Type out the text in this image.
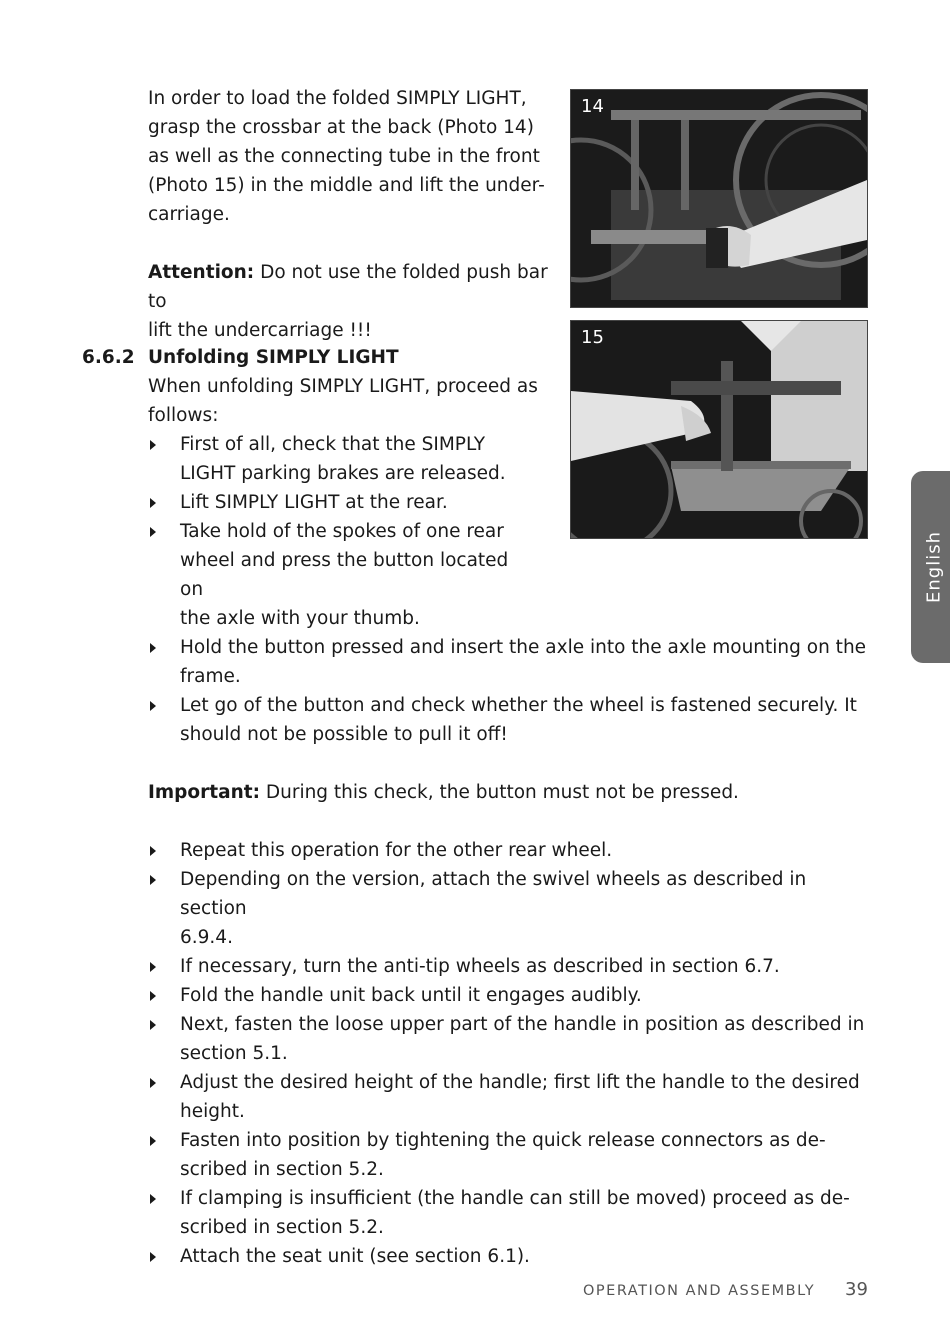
In order to load the folded SIMPLY LIGHT,

grasp the crossbar at the back (Photo 14)

as well as the connecting tube in the front

(Photo 15) in the middle and lift the under-

carriage.

Attention: Do not use the folded push bar to

lift the undercarriage !!!

6.6.2 Unfolding SIMPLY LIGHT

When unfolding SIMPLY LIGHT, proceed as

follows:

First of all, check that the SIMPLY
LIGHT parking brakes are released.
Lift SIMPLY LIGHT at the rear.
Take hold of the spokes of one rear
wheel and press the button located on
the axle with your thumb.
Hold the button pressed and insert the axle into the axle mounting on the
frame.
Let go of the button and check whether the wheel is fastened securely. It
should not be possible to pull it off!

Important: During this check, the button must not be pressed.

Repeat this operation for the other rear wheel.
Depending on the version, attach the swivel wheels as described in section
6.9.4.
If necessary, turn the anti-tip wheels as described in section 6.7.
Fold the handle unit back until it engages audibly.
Next, fasten the loose upper part of the handle in position as described in
section 5.1.
Adjust the desired height of the handle; first lift the handle to the desired
height.
Fasten into position by tightening the quick release connectors as de-
scribed in section 5.2.
If clamping is insufficient (the handle can still be moved) proceed as de-
scribed in section 5.2.
Attach the seat unit (see section 6.1).
14
15
English
OPERATION AND ASSEMBLY 39
